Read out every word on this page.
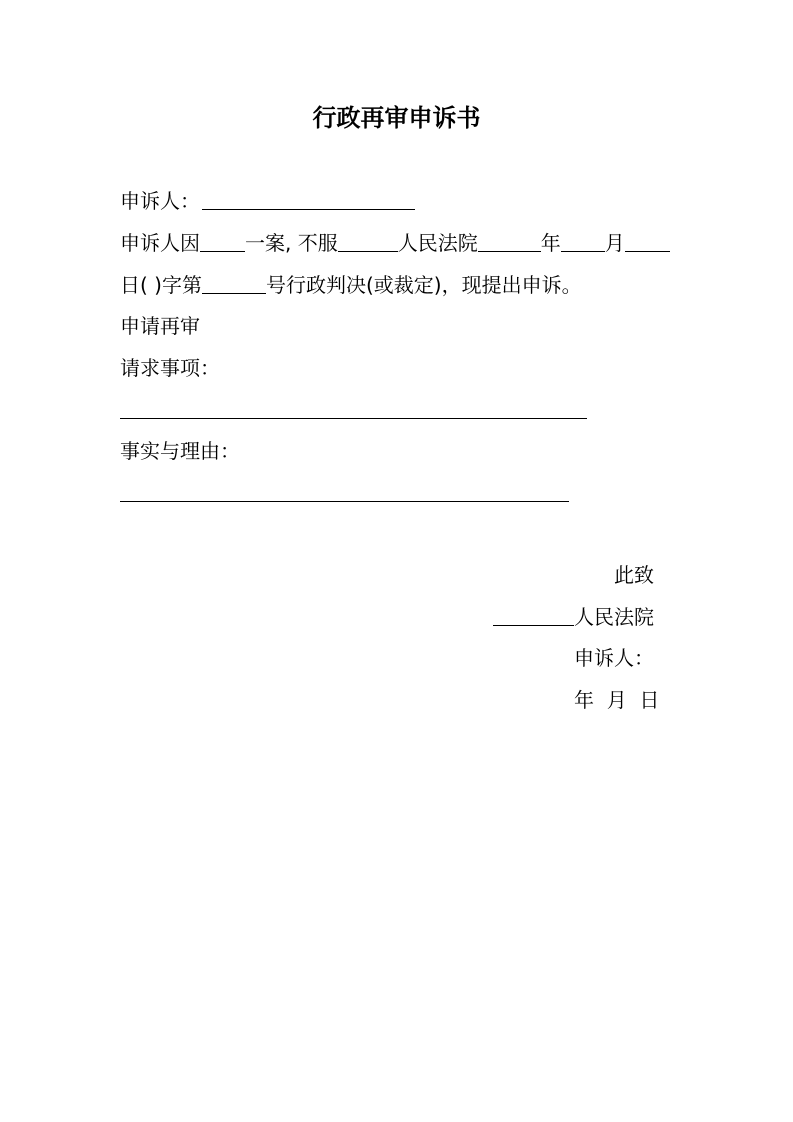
行政再审申诉书
申诉人：
申诉人因 一案, 不服	人民法院	年 月
日( )字第	号行政判决(或裁定)，现提出申诉。
申请再审
请求事项：
事实与理由：
此致
人民法院
申诉人：
年  月  日
